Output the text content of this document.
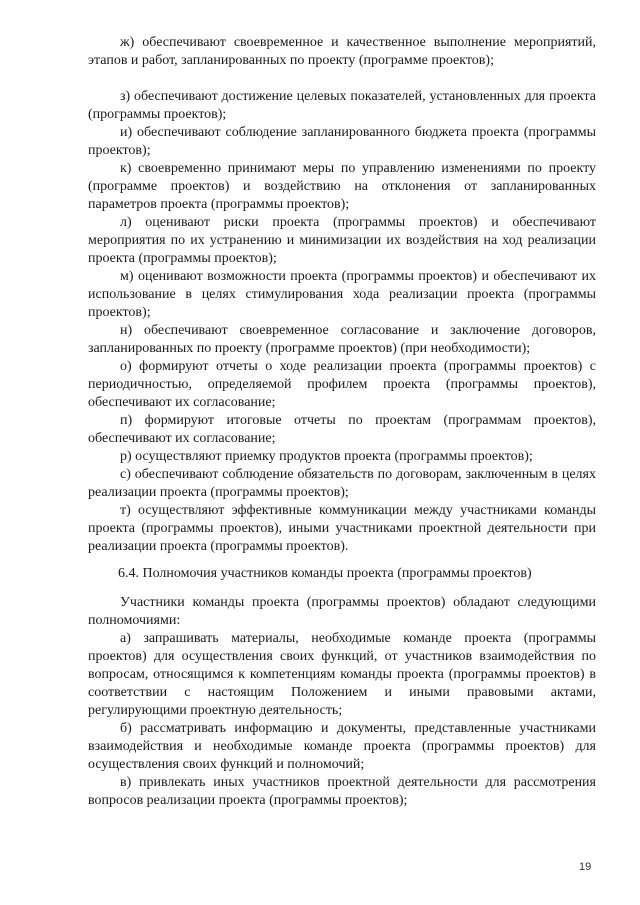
ж) обеспечивают своевременное и качественное выполнение мероприятий, этапов и работ, запланированных по проекту (программе проектов);

з) обеспечивают достижение целевых показателей, установленных для проекта (программы проектов);

и) обеспечивают соблюдение запланированного бюджета проекта (программы проектов);

к) своевременно принимают меры по управлению изменениями по проекту (программе проектов) и воздействию на отклонения от запланированных параметров проекта (программы проектов);

л) оценивают риски проекта (программы проектов) и обеспечивают мероприятия по их устранению и минимизации их воздействия на ход реализации проекта (программы проектов);

м) оценивают возможности проекта (программы проектов) и обеспечивают их использование в целях стимулирования хода реализации проекта (программы проектов);

н) обеспечивают своевременное согласование и заключение договоров, запланированных по проекту (программе проектов) (при необходимости);

о) формируют отчеты о ходе реализации проекта (программы проектов) с периодичностью, определяемой профилем проекта (программы проектов), обеспечивают их согласование;

п) формируют итоговые отчеты по проектам (программам проектов), обеспечивают их согласование;

р) осуществляют приемку продуктов проекта (программы проектов);

с) обеспечивают соблюдение обязательств по договорам, заключенным в целях реализации проекта (программы проектов);

т) осуществляют эффективные коммуникации между участниками команды проекта (программы проектов), иными участниками проектной деятельности при реализации проекта (программы проектов).

6.4. Полномочия участников команды проекта (программы проектов)

Участники команды проекта (программы проектов) обладают следующими полномочиями:

а) запрашивать материалы, необходимые команде проекта (программы проектов) для осуществления своих функций, от участников взаимодействия по вопросам, относящимся к компетенциям команды проекта (программы проектов) в соответствии с настоящим Положением и иными правовыми актами, регулирующими проектную деятельность;

б) рассматривать информацию и документы, представленные участниками взаимодействия и необходимые команде проекта (программы проектов) для осуществления своих функций и полномочий;

в) привлекать иных участников проектной деятельности для рассмотрения вопросов реализации проекта (программы проектов);

19
